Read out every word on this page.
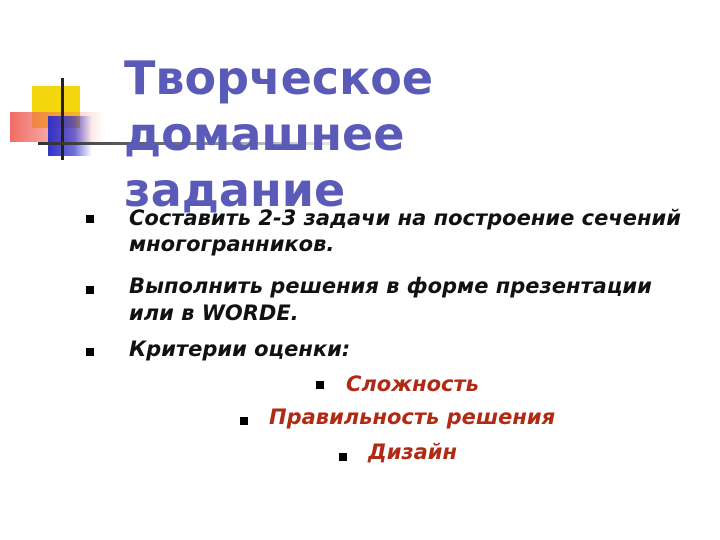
Творческое домашнее
задание
Составить 2-3 задачи на построение сечений
многогранников.
Выполнить решения в форме презентации
или в WORDE.
Критерии оценки:
Сложность
Правильность решения
Дизайн
